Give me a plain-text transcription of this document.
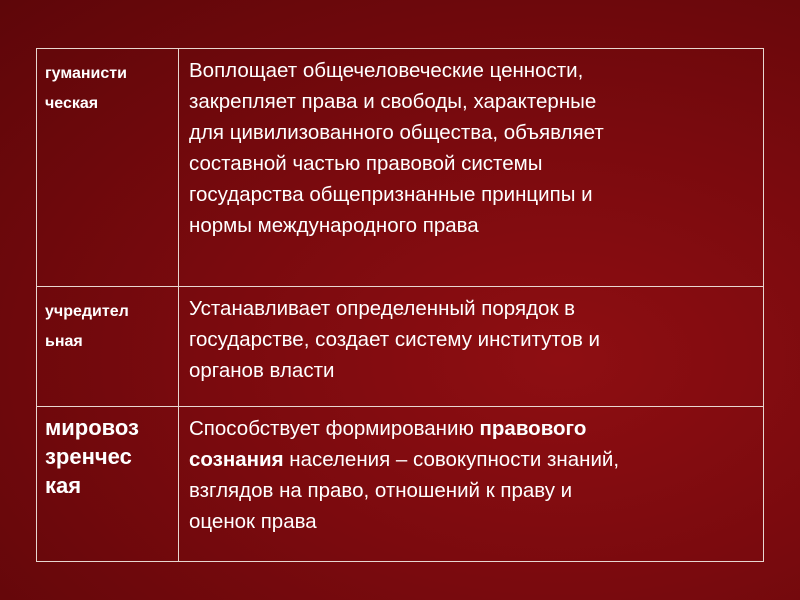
гуманисти
ческая
Воплощает общечеловеческие ценности,
закрепляет права и свободы, характерные
для цивилизованного общества, объявляет
составной частью правовой системы
государства общепризнанные принципы и
нормы международного права
учредител
ьная
Устанавливает определенный порядок в
государстве, создает систему институтов и
органов власти
мировоз
зренчес
кая
Способствует формированию правового
сознания населения – совокупности знаний,
взглядов на право, отношений к праву и
оценок права
